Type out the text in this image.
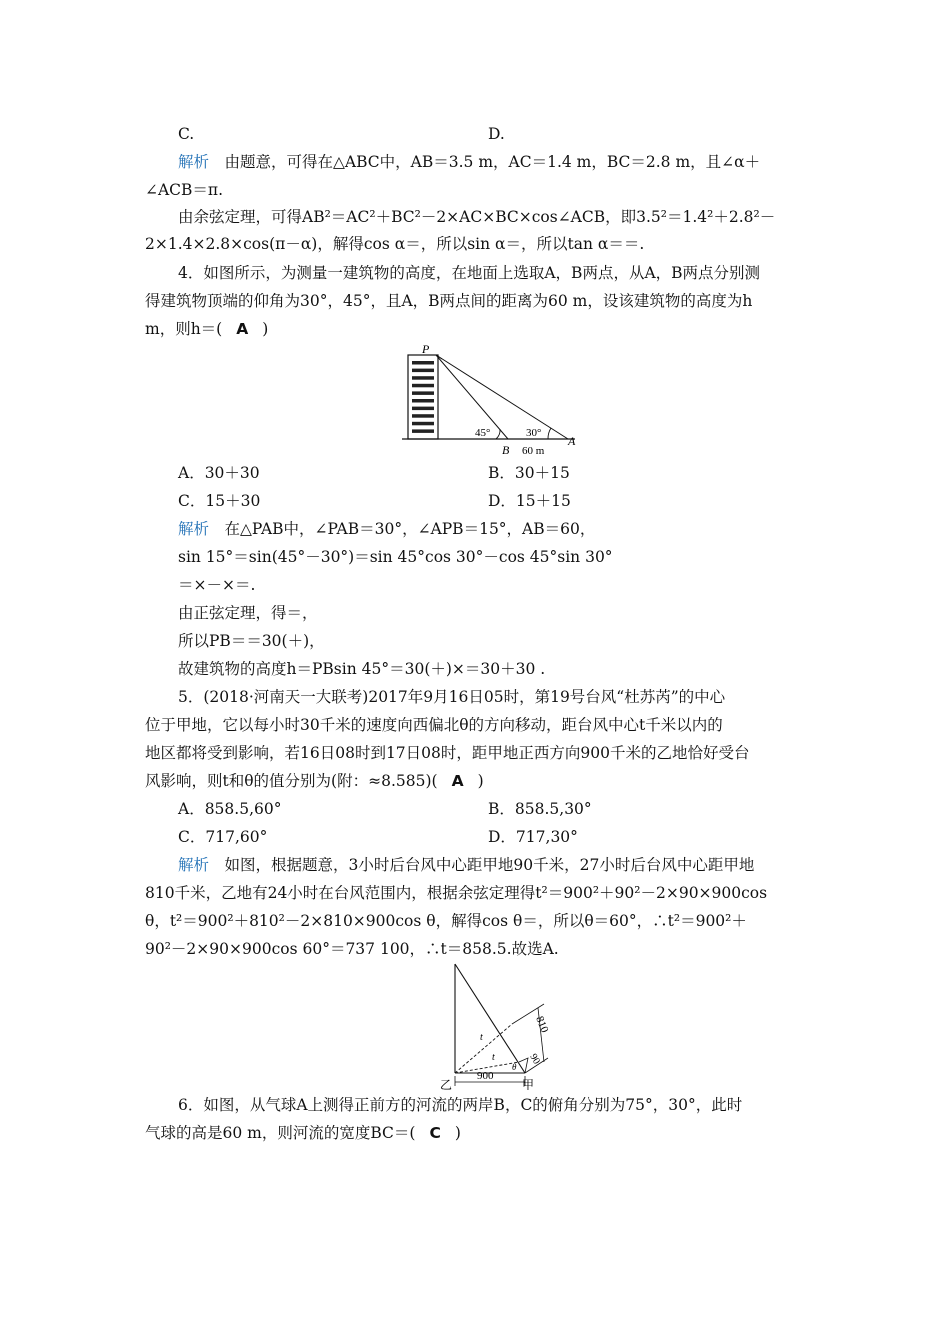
C.	D.
解析　由题意，可得在△ABC中，AB＝3.5 m，AC＝1.4 m，BC＝2.8 m，且∠α＋
∠ACB＝π.
由余弦定理，可得AB²＝AC²＋BC²－2×AC×BC×cos∠ACB，即3.5²＝1.4²＋2.8²－
2×1.4×2.8×cos(π－α)，解得cos α＝，所以sin α＝，所以tan α＝＝.
4．如图所示，为测量一建筑物的高度，在地面上选取A，B两点，从A，B两点分别测
得建筑物顶端的仰角为30°，45°，且A，B两点间的距离为60 m，设该建筑物的高度为h
m，则h＝( A )
A．30＋30	B．30＋15
C．15＋30	D．15＋15
解析　在△PAB中，∠PAB＝30°，∠APB＝15°，AB＝60，
sin 15°＝sin(45°－30°)＝sin 45°cos 30°－cos 45°sin 30°
＝×－×＝.
由正弦定理，得＝，
所以PB＝＝30(＋)，
故建筑物的高度h＝PBsin 45°＝30(＋)×＝30＋30 .
5．(2018·河南天一大联考)2017年9月16日05时，第19号台风“杜苏芮”的中心
位于甲地，它以每小时30千米的速度向西偏北θ的方向移动，距台风中心t千米以内的
地区都将受到影响，若16日08时到17日08时，距甲地正西方向900千米的乙地恰好受台
风影响，则t和θ的值分别为(附：≈8.585)( A )
A．858.5,60°	B．858.5,30°
C．717,60°	D．717,30°
解析　如图，根据题意，3小时后台风中心距甲地90千米，27小时后台风中心距甲地
810千米，乙地有24小时在台风范围内，根据余弦定理得t²＝900²＋90²－2×90×900cos
θ，t²＝900²＋810²－2×810×900cos θ，解得cos θ＝，所以θ＝60°，∴t²＝900²＋
90²－2×90×900cos 60°＝737 100，∴t＝858.5.故选A.
6．如图，从气球A上测得正前方的河流的两岸B，C的俯角分别为75°，30°，此时
气球的高是60 m，则河流的宽度BC＝( C )
P
B
A
45°	30°
60 m
t
t
810
90
θ
900
乙	甲
